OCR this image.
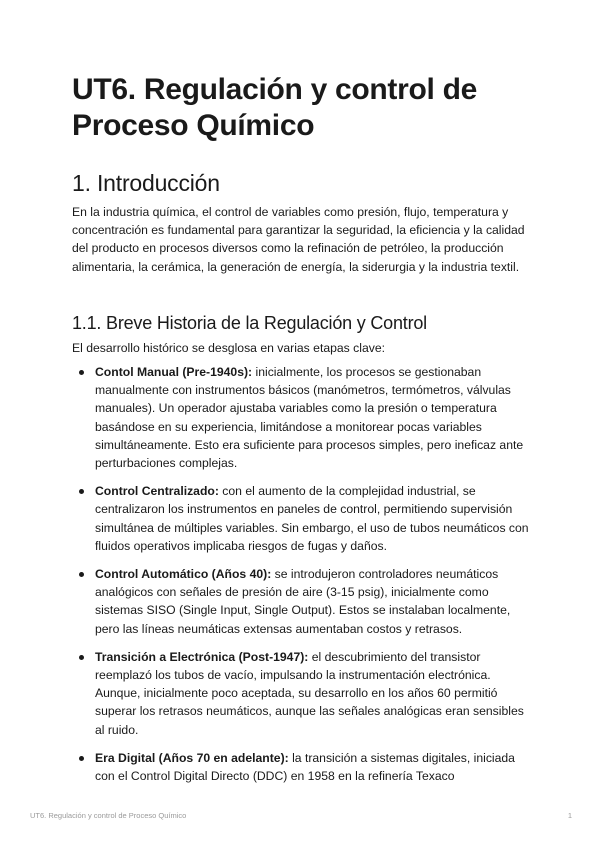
UT6. Regulación y control de Proceso Químico
1. Introducción

En la industria química, el control de variables como presión, flujo, temperatura y concentración es fundamental para garantizar la seguridad, la eficiencia y la calidad del producto en procesos diversos como la refinación de petróleo, la producción alimentaria, la cerámica, la generación de energía, la siderurgia y la industria textil.

1.1. Breve Historia de la Regulación y Control

El desarrollo histórico se desglosa en varias etapas clave:

Contol Manual (Pre-1940s): inicialmente, los procesos se gestionaban manualmente con instrumentos básicos (manómetros, termómetros, válvulas manuales). Un operador ajustaba variables como la presión o temperatura basándose en su experiencia, limitándose a monitorear pocas variables simultáneamente. Esto era suficiente para procesos simples, pero ineficaz ante perturbaciones complejas.
Control Centralizado: con el aumento de la complejidad industrial, se centralizaron los instrumentos en paneles de control, permitiendo supervisión simultánea de múltiples variables. Sin embargo, el uso de tubos neumáticos con fluidos operativos implicaba riesgos de fugas y daños.
Control Automático (Años 40): se introdujeron controladores neumáticos analógicos con señales de presión de aire (3-15 psig), inicialmente como sistemas SISO (Single Input, Single Output). Estos se instalaban localmente, pero las líneas neumáticas extensas aumentaban costos y retrasos.
Transición a Electrónica (Post-1947): el descubrimiento del transistor reemplazó los tubos de vacío, impulsando la instrumentación electrónica. Aunque, inicialmente poco aceptada, su desarrollo en los años 60 permitió superar los retrasos neumáticos, aunque las señales analógicas eran sensibles al ruido.
Era Digital (Años 70 en adelante): la transición a sistemas digitales, iniciada con el Control Digital Directo (DDC) en 1958 en la refinería Texaco
UT6. Regulación y control de Proceso Químico	1
